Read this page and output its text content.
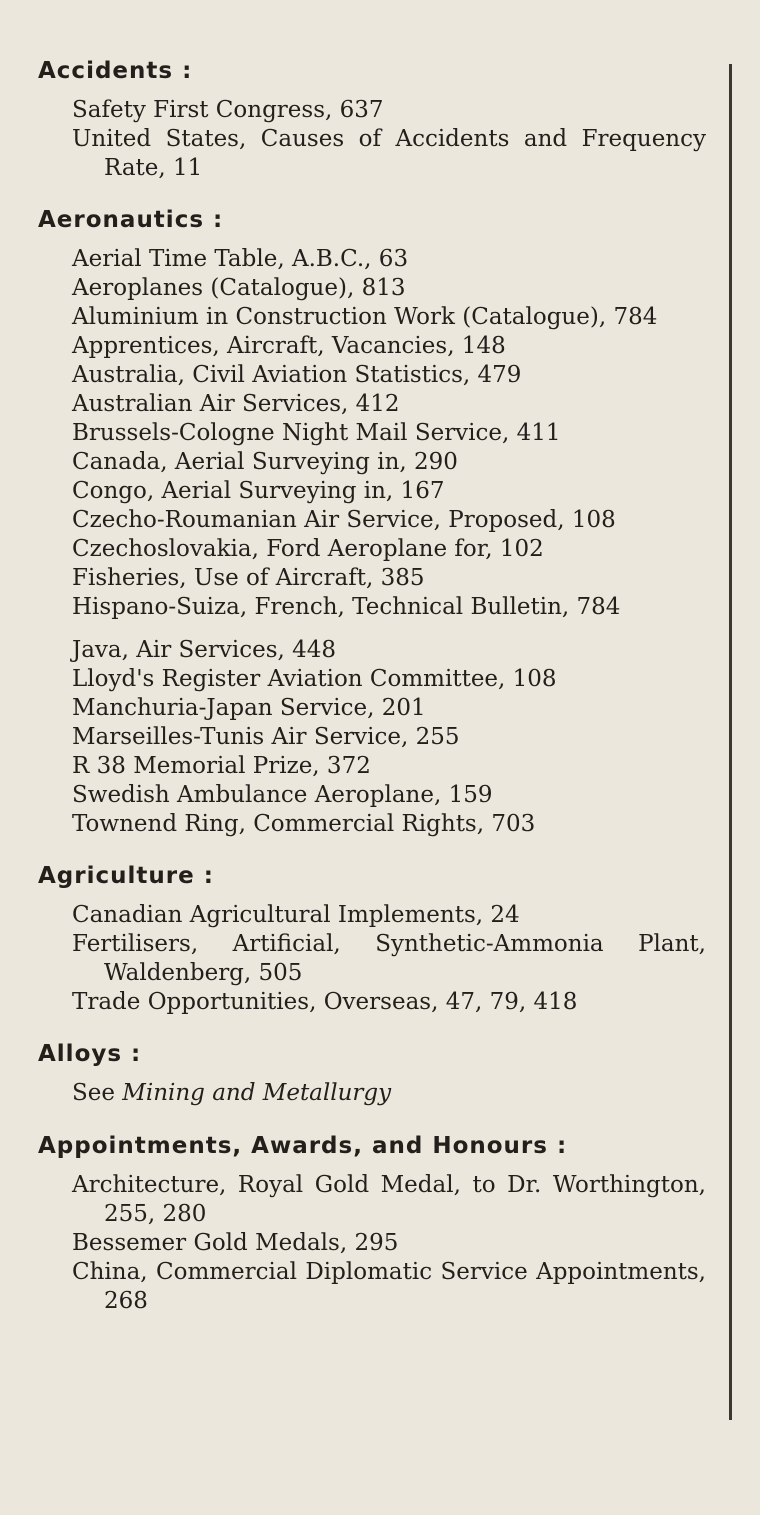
Accidents :

Safety First Congress, 637

United States, Causes of Accidents and Frequency Rate, 11

Aeronautics :

Aerial Time Table, A.B.C., 63

Aeroplanes (Catalogue), 813

Aluminium in Construction Work (Catalogue), 784

Apprentices, Aircraft, Vacancies, 148

Australia, Civil Aviation Statistics, 479

Australian Air Services, 412

Brussels-Cologne Night Mail Service, 411

Canada, Aerial Surveying in, 290

Congo, Aerial Surveying in, 167

Czecho-Roumanian Air Service, Proposed, 108

Czechoslovakia, Ford Aeroplane for, 102

Fisheries, Use of Aircraft, 385

Hispano-Suiza, French, Technical Bulletin, 784

Java, Air Services, 448

Lloyd's Register Aviation Committee, 108

Manchuria-Japan Service, 201

Marseilles-Tunis Air Service, 255

R 38 Memorial Prize, 372

Swedish Ambulance Aeroplane, 159

Townend Ring, Commercial Rights, 703

Agriculture :

Canadian Agricultural Implements, 24

Fertilisers, Artificial, Synthetic-Ammonia Plant, Waldenberg, 505

Trade Opportunities, Overseas, 47, 79, 418

Alloys :

See Mining and Metallurgy

Appointments, Awards, and Honours :

Architecture, Royal Gold Medal, to Dr. Worthington, 255, 280

Bessemer Gold Medals, 295

China, Commercial Diplomatic Service Appointments, 268
